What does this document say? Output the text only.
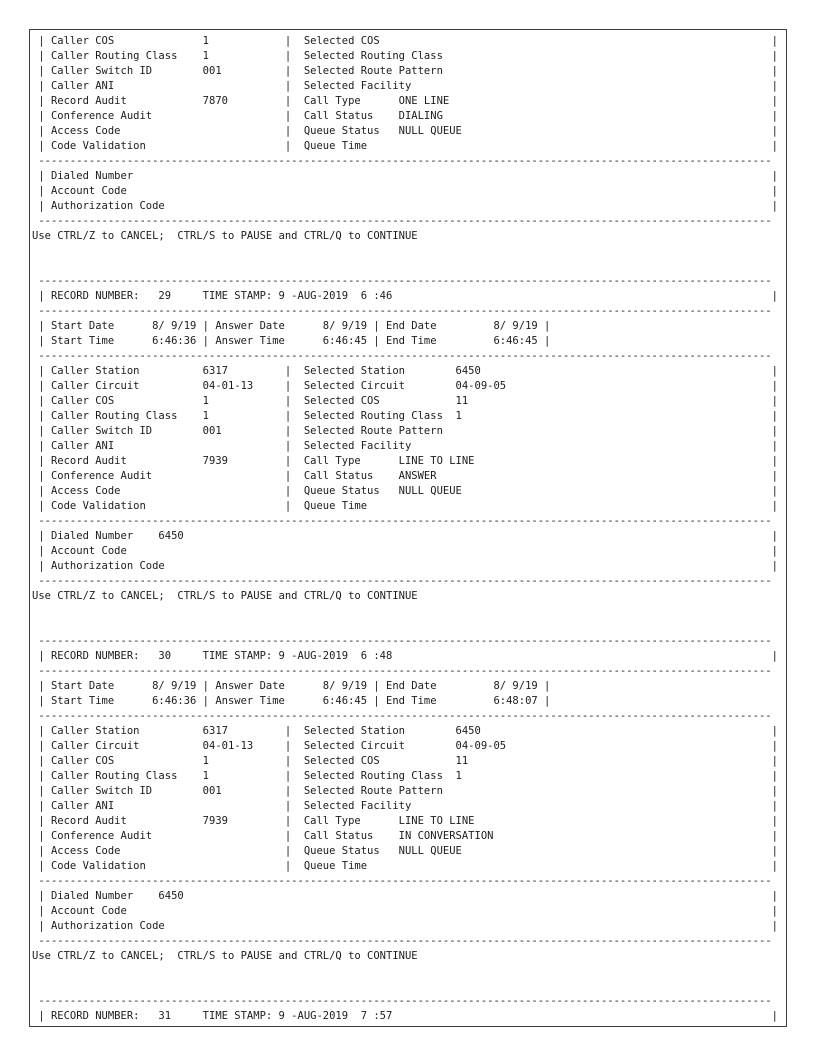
| Caller COS              1            |  Selected COS                                                              |
| Caller Routing Class    1            |  Selected Routing Class                                                    |
| Caller Switch ID        001          |  Selected Route Pattern                                                    |
| Caller ANI                           |  Selected Facility                                                         |
| Record Audit            7870         |  Call Type      ONE LINE                                                   |
| Conference Audit                     |  Call Status    DIALING                                                    |
| Access Code                          |  Queue Status   NULL QUEUE                                                 |
| Code Validation                      |  Queue Time                                                                |
--------------------------------------------------------------------------------------------------------------------
| Dialed Number                                                                                                     |
| Account Code                                                                                                      |
| Authorization Code                                                                                                |
--------------------------------------------------------------------------------------------------------------------
Use CTRL/Z to CANCEL;  CTRL/S to PAUSE and CTRL/Q to CONTINUE
--------------------------------------------------------------------------------------------------------------------
| RECORD NUMBER:   29     TIME STAMP: 9 -AUG-2019  6 :46                                                            |
--------------------------------------------------------------------------------------------------------------------
| Start Date      8/ 9/19 | Answer Date      8/ 9/19 | End Date         8/ 9/19 |
| Start Time      6:46:36 | Answer Time      6:46:45 | End Time         6:46:45 |
--------------------------------------------------------------------------------------------------------------------
| Caller Station          6317         |  Selected Station        6450                                              |
| Caller Circuit          04-01-13     |  Selected Circuit        04-09-05                                          |
| Caller COS              1            |  Selected COS            11                                                |
| Caller Routing Class    1            |  Selected Routing Class  1                                                 |
| Caller Switch ID        001          |  Selected Route Pattern                                                    |
| Caller ANI                           |  Selected Facility                                                         |
| Record Audit            7939         |  Call Type      LINE TO LINE                                               |
| Conference Audit                     |  Call Status    ANSWER                                                     |
| Access Code                          |  Queue Status   NULL QUEUE                                                 |
| Code Validation                      |  Queue Time                                                                |
--------------------------------------------------------------------------------------------------------------------
| Dialed Number    6450                                                                                             |
| Account Code                                                                                                      |
| Authorization Code                                                                                                |
--------------------------------------------------------------------------------------------------------------------
Use CTRL/Z to CANCEL;  CTRL/S to PAUSE and CTRL/Q to CONTINUE
--------------------------------------------------------------------------------------------------------------------
| RECORD NUMBER:   30     TIME STAMP: 9 -AUG-2019  6 :48                                                            |
--------------------------------------------------------------------------------------------------------------------
| Start Date      8/ 9/19 | Answer Date      8/ 9/19 | End Date         8/ 9/19 |
| Start Time      6:46:36 | Answer Time      6:46:45 | End Time         6:48:07 |
--------------------------------------------------------------------------------------------------------------------
| Caller Station          6317         |  Selected Station        6450                                              |
| Caller Circuit          04-01-13     |  Selected Circuit        04-09-05                                          |
| Caller COS              1            |  Selected COS            11                                                |
| Caller Routing Class    1            |  Selected Routing Class  1                                                 |
| Caller Switch ID        001          |  Selected Route Pattern                                                    |
| Caller ANI                           |  Selected Facility                                                         |
| Record Audit            7939         |  Call Type      LINE TO LINE                                               |
| Conference Audit                     |  Call Status    IN CONVERSATION                                            |
| Access Code                          |  Queue Status   NULL QUEUE                                                 |
| Code Validation                      |  Queue Time                                                                |
--------------------------------------------------------------------------------------------------------------------
| Dialed Number    6450                                                                                             |
| Account Code                                                                                                      |
| Authorization Code                                                                                                |
--------------------------------------------------------------------------------------------------------------------
Use CTRL/Z to CANCEL;  CTRL/S to PAUSE and CTRL/Q to CONTINUE
--------------------------------------------------------------------------------------------------------------------
| RECORD NUMBER:   31     TIME STAMP: 9 -AUG-2019  7 :57                                                            |
